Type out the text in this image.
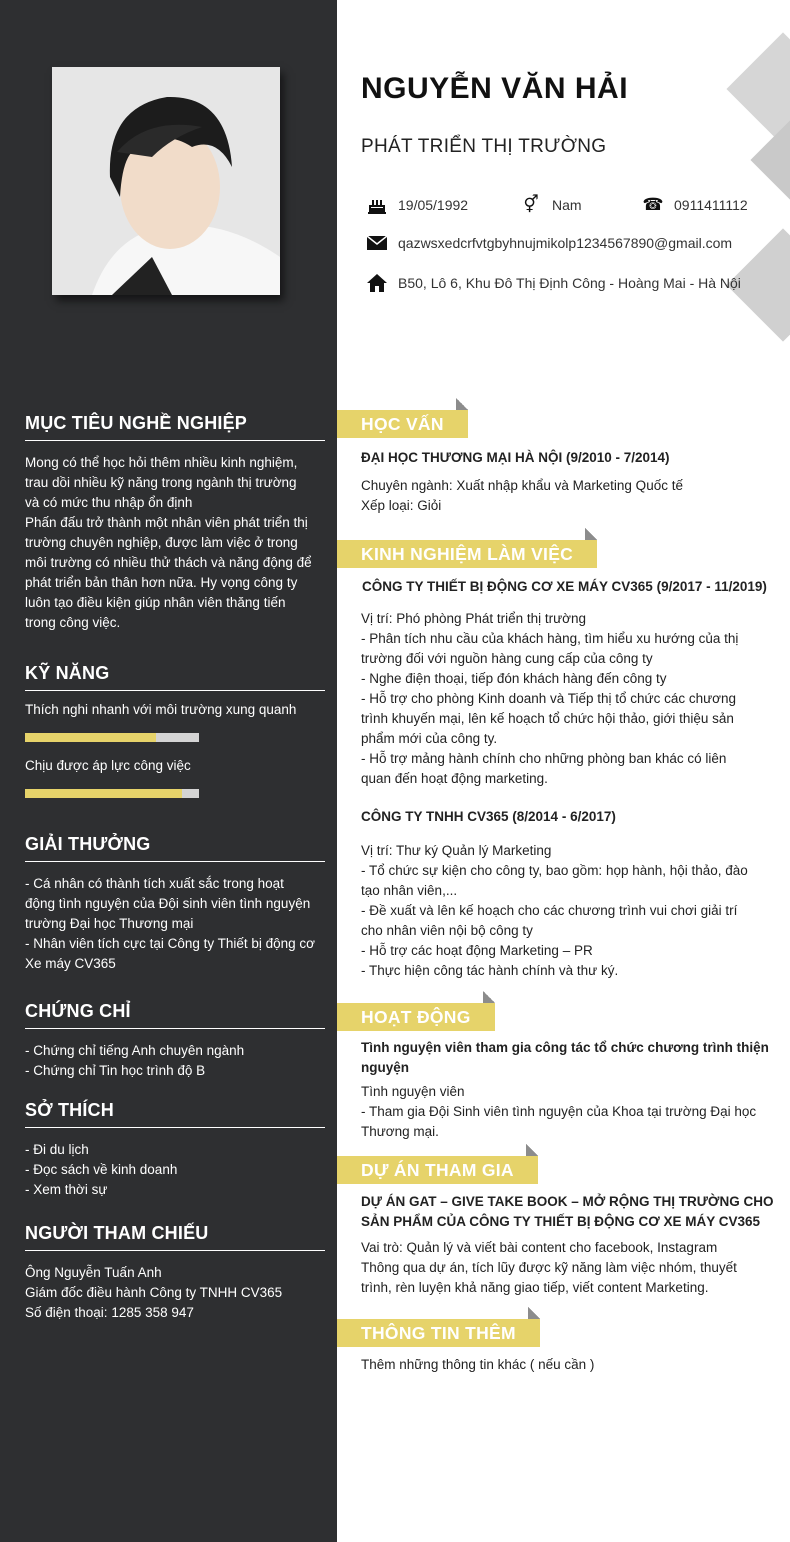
MỤC TIÊU NGHỀ NGHIỆP
Mong có thể học hỏi thêm nhiều kinh nghiệm,
trau dồi nhiều kỹ năng trong ngành thị trường
và có mức thu nhập ổn định
Phấn đấu trở thành một nhân viên phát triển thị
trường chuyên nghiệp, được làm việc ở trong
môi trường có nhiều thử thách và năng động để
phát triển bản thân hơn nữa. Hy vọng công ty
luôn tạo điều kiện giúp nhân viên thăng tiến
trong công việc.
KỸ NĂNG
Thích nghi nhanh với môi trường xung quanh
Chịu được áp lực công việc
GIẢI THƯỞNG
- Cá nhân có thành tích xuất sắc trong hoạt
động tình nguyện của Đội sinh viên tình nguyện
trường Đại học Thương mại
- Nhân viên tích cực tại Công ty Thiết bị động cơ
Xe máy CV365
CHỨNG CHỈ
- Chứng chỉ tiếng Anh chuyên ngành
- Chứng chỉ Tin học trình độ B
SỞ THÍCH
- Đi du lịch
- Đọc sách về kinh doanh
- Xem thời sự
NGƯỜI THAM CHIẾU
Ông Nguyễn Tuấn Anh
Giám đốc điều hành Công ty TNHH CV365
Số điện thoại: 1285 358 947
NGUYỄN VĂN HẢI
PHÁT TRIỂN THỊ TRƯỜNG
19/05/1992	⚥ Nam	☎ 0911411112
qazwsxedcrfvtgbyhnujmikolp1234567890@gmail.com
B50, Lô 6, Khu Đô Thị Định Công - Hoàng Mai - Hà Nội
HỌC VẤN
ĐẠI HỌC THƯƠNG MẠI HÀ NỘI (9/2010 - 7/2014)
Chuyên ngành: Xuất nhập khẩu và Marketing Quốc tế
Xếp loại: Giỏi
KINH NGHIỆM LÀM VIỆC
CÔNG TY THIẾT BỊ ĐỘNG CƠ XE MÁY CV365 (9/2017 - 11/2019)
Vị trí: Phó phòng Phát triển thị trường
- Phân tích nhu cầu của khách hàng, tìm hiểu xu hướng của thị
trường đối với nguồn hàng cung cấp của công ty
- Nghe điện thoại, tiếp đón khách hàng đến công ty
- Hỗ trợ cho phòng Kinh doanh và Tiếp thị tổ chức các chương
trình khuyến mại, lên kế hoạch tổ chức hội thảo, giới thiệu sản
phẩm mới của công ty.
- Hỗ trợ mảng hành chính cho những phòng ban khác có liên
quan đến hoạt động marketing.
CÔNG TY TNHH CV365 (8/2014 - 6/2017)
Vị trí: Thư ký Quản lý Marketing
- Tổ chức sự kiện cho công ty, bao gồm: họp hành, hội thảo, đào
tạo nhân viên,...
- Đề xuất và lên kế hoạch cho các chương trình vui chơi giải trí
cho nhân viên nội bộ công ty
- Hỗ trợ các hoạt động Marketing – PR
- Thực hiện công tác hành chính và thư ký.
HOẠT ĐỘNG
Tình nguyện viên tham gia công tác tổ chức chương trình thiện
nguyện
Tình nguyện viên
- Tham gia Đội Sinh viên tình nguyện của Khoa tại trường Đại học
Thương mại.
DỰ ÁN THAM GIA
DỰ ÁN GAT – GIVE TAKE BOOK – MỞ RỘNG THỊ TRƯỜNG CHO
SẢN PHẨM CỦA CÔNG TY THIẾT BỊ ĐỘNG CƠ XE MÁY CV365
Vai trò: Quản lý và viết bài content cho facebook, Instagram
Thông qua dự án, tích lũy được kỹ năng làm việc nhóm, thuyết
trình, rèn luyện khả năng giao tiếp, viết content Marketing.
THÔNG TIN THÊM
Thêm những thông tin khác ( nếu cần )
